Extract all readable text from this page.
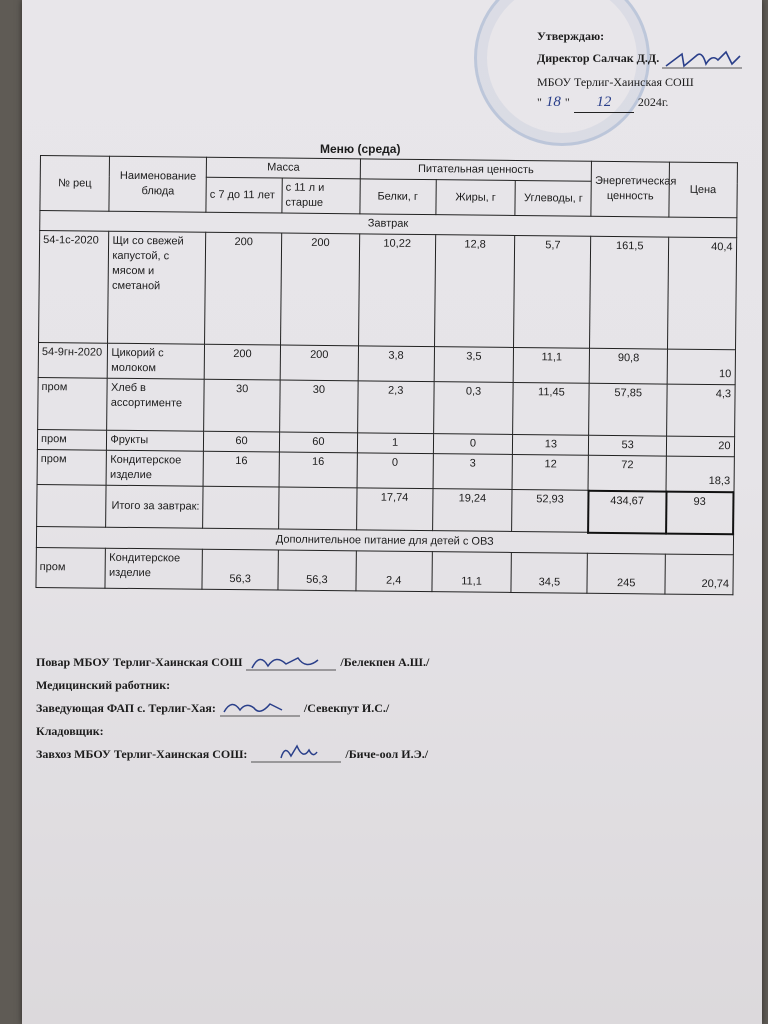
Утверждаю:
Директор Салчак Д.Д.
МБОУ Терлиг-Хаинская СОШ
" 18 "	12	2024г.
Меню (среда)
№ рец	Наименование блюда	Масса		Питательная ценность			Энергетическая ценность	Цена
		с 7 до 11 лет	с 11 л и старше	Белки, г	Жиры, г	Углеводы, г		
Завтрак								
54-1с-2020	Щи со свежей капустой, с мясом и сметаной	200	200	10,22	12,8	5,7	161,5	40,4
54-9гн-2020	Цикорий с молоком	200	200	3,8	3,5	11,1	90,8	10
пром	Хлеб в ассортименте	30	30	2,3	0,3	11,45	57,85	4,3
пром	Фрукты	60	60	1	0	13	53	20
пром	Кондитерское изделие	16	16	0	3	12	72	18,3
	Итого за завтрак:			17,74	19,24	52,93	434,67	93
Дополнительное питание для детей с ОВЗ								
пром	Кондитерское изделие	56,3	56,3	2,4	11,1	34,5	245	20,74
Повар МБОУ Терлиг-Хаинская СОШ	/Белекпен А.Ш./
Медицинский работник:
Заведующая ФАП с. Терлиг-Хая:	/Севекпут И.С./
Кладовщик:
Завхоз МБОУ Терлиг-Хаинская СОШ:	/Биче-оол И.Э./
